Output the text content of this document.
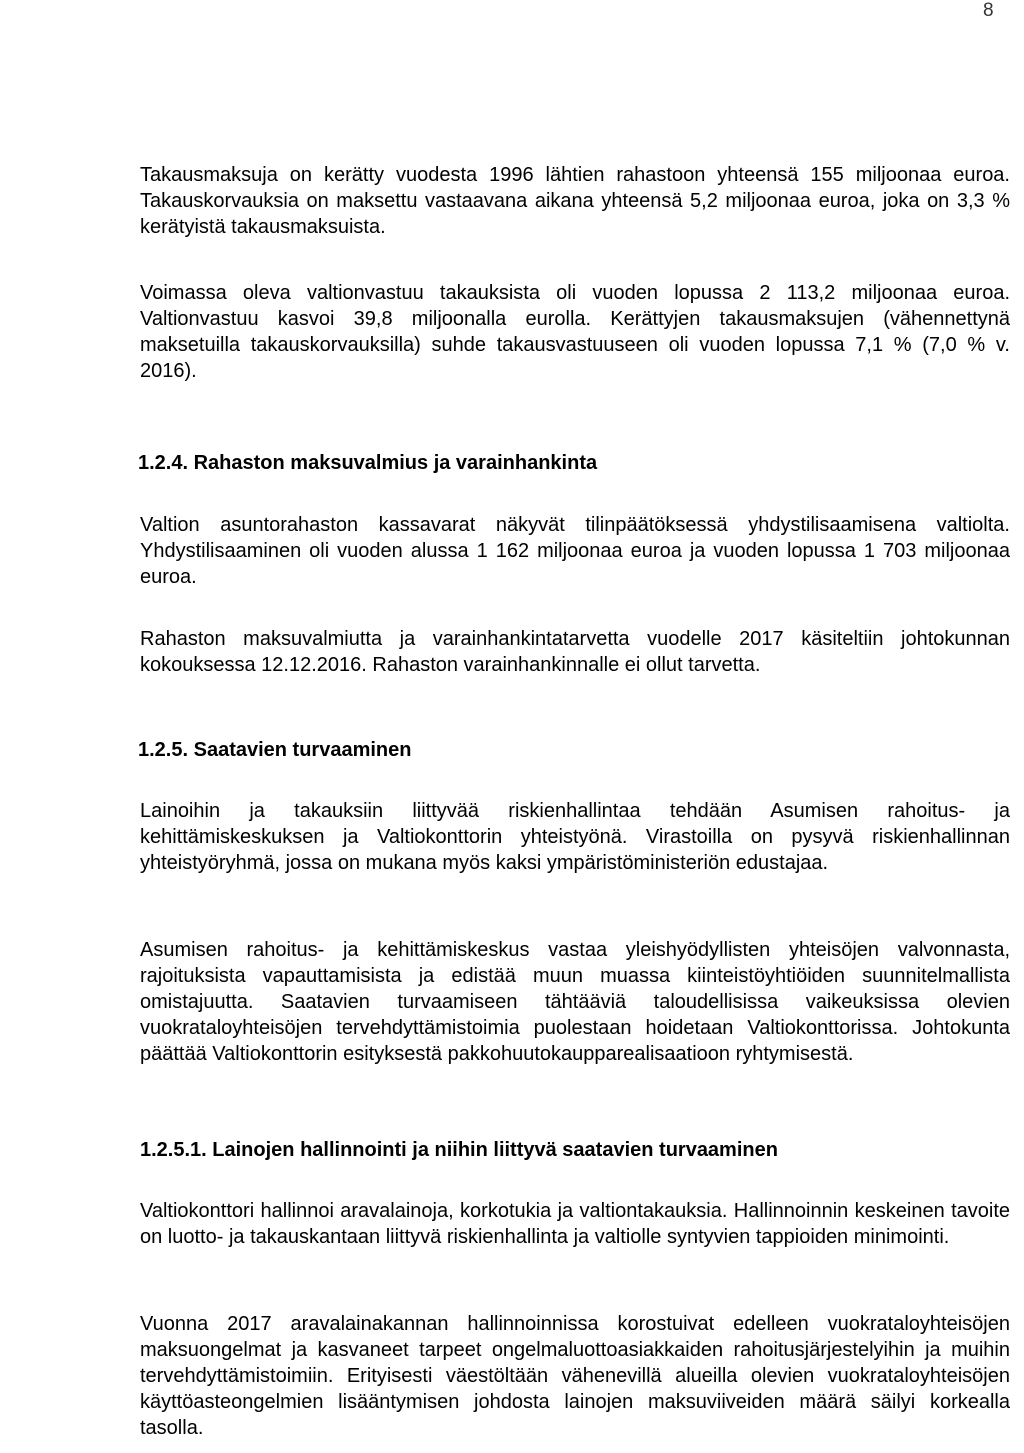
8

Takausmaksuja on kerätty vuodesta 1996 lähtien rahastoon yhteensä 155 miljoonaa euroa. Takauskorvauksia on maksettu vastaavana aikana yhteensä 5,2 miljoonaa euroa, joka on 3,3 % kerätyistä takausmaksuista.

Voimassa oleva valtionvastuu takauksista oli vuoden lopussa 2 113,2 miljoonaa euroa. Valtionvastuu kasvoi 39,8 miljoonalla eurolla. Kerättyjen takausmaksujen (vähennettynä maksetuilla takauskorvauksilla) suhde takausvastuuseen oli vuoden lopussa 7,1 % (7,0 % v. 2016).

1.2.4. Rahaston maksuvalmius ja varainhankinta

Valtion asuntorahaston kassavarat näkyvät tilinpäätöksessä yhdystilisaamisena valtiolta. Yhdystilisaaminen oli vuoden alussa 1 162 miljoonaa euroa ja vuoden lopussa 1 703 miljoonaa euroa.

Rahaston maksuvalmiutta ja varainhankintatarvetta vuodelle 2017 käsiteltiin johtokunnan kokouksessa 12.12.2016. Rahaston varainhankinnalle ei ollut tarvetta.

1.2.5. Saatavien turvaaminen

Lainoihin ja takauksiin liittyvää riskienhallintaa tehdään Asumisen rahoitus- ja kehittämiskeskuksen ja Valtiokonttorin yhteistyönä. Virastoilla on pysyvä riskienhallinnan yhteistyöryhmä, jossa on mukana myös kaksi ympäristöministeriön edustajaa.

Asumisen rahoitus- ja kehittämiskeskus vastaa yleishyödyllisten yhteisöjen valvonnasta, rajoituksista vapauttamisista ja edistää muun muassa kiinteistöyhtiöiden suunnitelmallista omistajuutta. Saatavien turvaamiseen tähtääviä taloudellisissa vaikeuksissa olevien vuokrataloyhteisöjen tervehdyttämistoimia puolestaan hoidetaan Valtiokonttorissa. Johtokunta päättää Valtiokonttorin esityksestä pakkohuutokaupparealisaatioon ryhtymisestä.

1.2.5.1. Lainojen hallinnointi ja niihin liittyvä saatavien turvaaminen

Valtiokonttori hallinnoi aravalainoja, korkotukia ja valtiontakauksia. Hallinnoinnin keskeinen tavoite on luotto- ja takauskantaan liittyvä riskienhallinta ja valtiolle syntyvien tappioiden minimointi.

Vuonna 2017 aravalainakannan hallinnoinnissa korostuivat edelleen vuokrataloyhteisöjen maksuongelmat ja kasvaneet tarpeet ongelmaluottoasiakkaiden rahoitusjärjestelyihin ja muihin tervehdyttämistoimiin. Erityisesti väestöltään vähenevillä alueilla olevien vuokrataloyhteisöjen käyttöasteongelmien lisääntymisen johdosta lainojen maksuviiveiden määrä säilyi korkealla tasolla.
